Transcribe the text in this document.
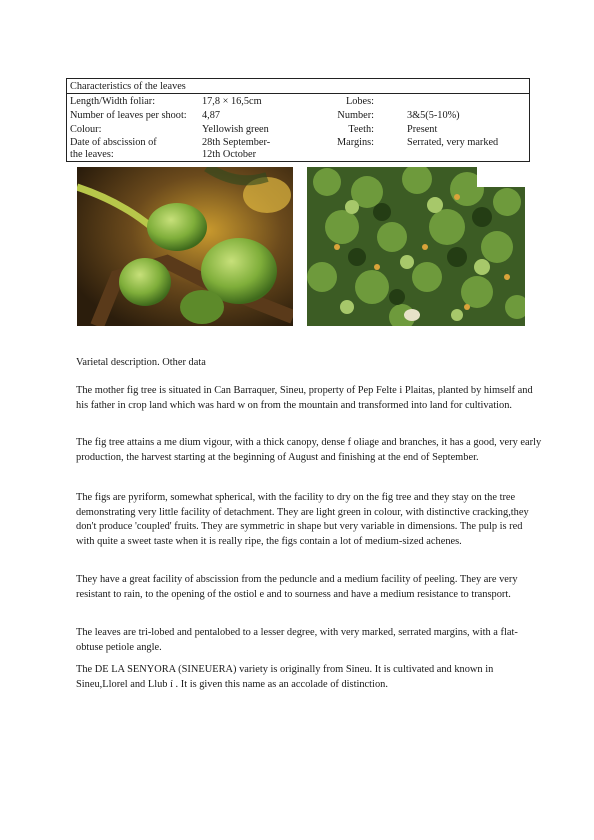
Characteristics of the leaves
Length/Width foliar:	17,8 × 16,5cm	Lobes:
Number of leaves per shoot: 4,87	Number:	3&5(5-10%)
Colour:	Yellowish green	Teeth:	Present
Date of abscission of	28th September-	Margins:	Serrated, very marked
the leaves:	12th October
Varietal description. Other data

The mother fig tree is situated in Can Barraquer, Sineu, property of Pep Felte i Plaitas, planted by himself and his father in crop land which was hard w on from the mountain and transformed into land for cultivation.

The fig tree attains a me dium vigour, with a thick canopy, dense f oliage and branches, it has a good, very early production, the harvest starting at the beginning of August and finishing at the end of September.

The figs are pyriform, somewhat spherical, with the facility to dry on the fig tree and they stay on the tree demonstrating very little facility of detachment. They are light green in colour, with distinctive cracking,they don't produce 'coupled' fruits. They are symmetric in shape but very variable in dimensions. The pulp is red with quite a sweet taste when it is really ripe, the figs contain a lot of medium-sized achenes.

They have a great facility of abscission from the peduncle and a medium facility of peeling. They are very resistant to rain, to the opening of the ostiol e and to sourness and have a medium resistance to transport.

The leaves are tri-lobed and pentalobed to a lesser degree, with very marked, serrated margins, with a flat-obtuse petiole angle.

The DE LA SENYORA (SINEUERA) variety is originally from Sineu. It is cultivated and known in Sineu,Llorel and Llub í . It is given this name as an accolade of distinction.
